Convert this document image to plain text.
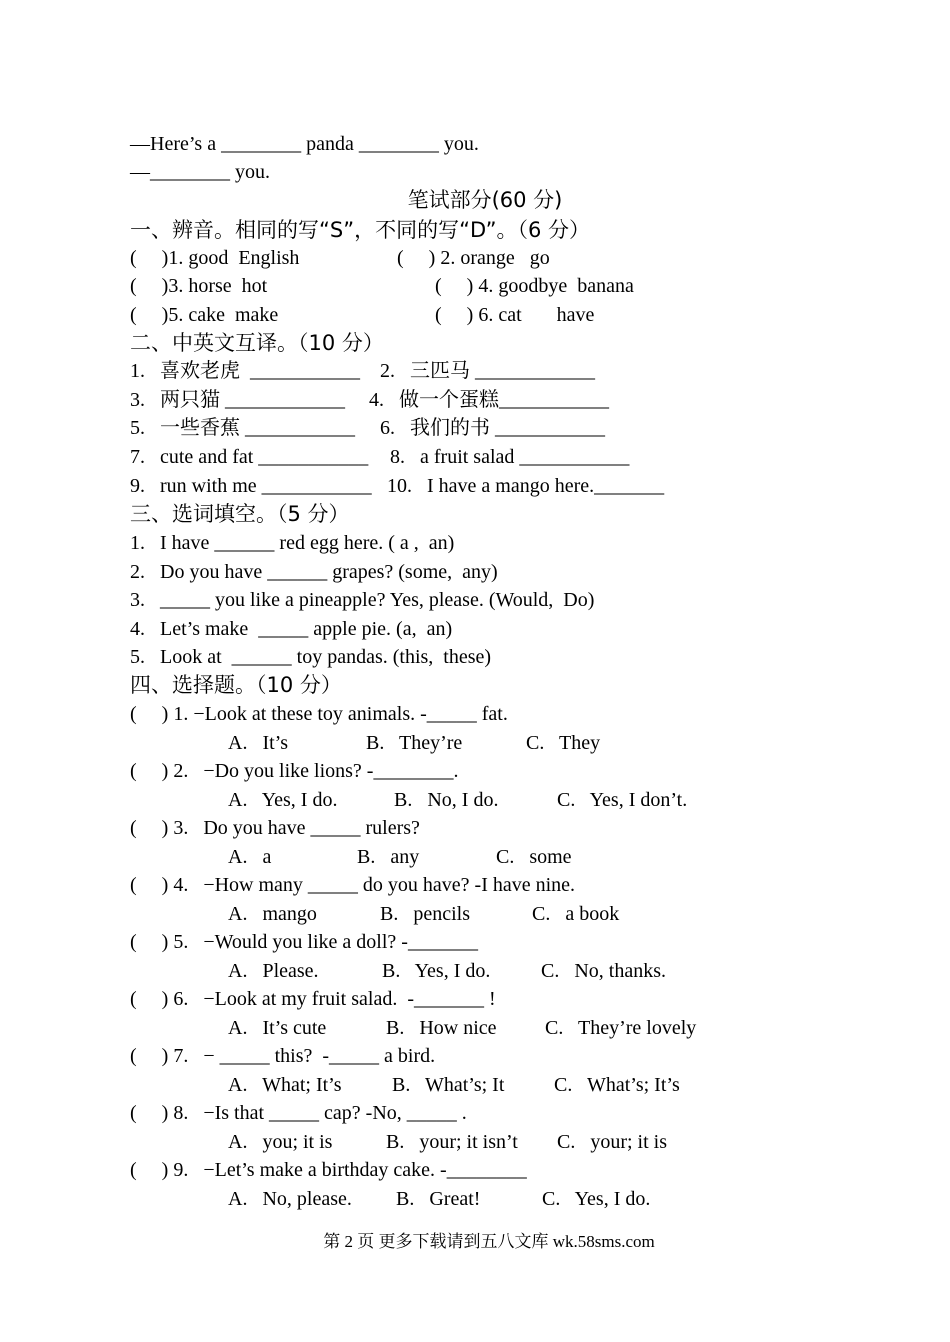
—Here’s a ________ panda ________ you.
—________ you.
笔试部分(60 分)
一、辨音。相同的写“S”，不同的写“D”。（6 分）
(     )1. good  English	(     ) 2. orange   go
(     )3. horse  hot	(     ) 4. goodbye  banana
(     )5. cake  make	(     ) 6. cat       have
二、中英文互译。（10 分）
1.   喜欢老虎  ___________ 2.   三匹马 ____________
3.   两只猫 ____________ 4.   做一个蛋糕___________
5.   一些香蕉 ___________ 6.   我们的书 ___________
7.   cute and fat ___________ 8.   a fruit salad ___________
9.   run with me ___________ 10.   I have a mango here._______
三、选词填空。（5 分）
1.   I have ______ red egg here. ( a ,  an)
2.   Do you have ______ grapes? (some,  any)
3.   _____ you like a pineapple? Yes, please. (Would,  Do)
4.   Let’s make  _____ apple pie. (a,  an)
5.   Look at  ______ toy pandas. (this,  these)
四、选择题。（10 分）
(     ) 1. −Look at these toy animals. -_____ fat.
A.   It’s	B.   They’re	C.   They
(     ) 2.   −Do you like lions? -________.
A.   Yes, I do.	B.   No, I do.	C.   Yes, I don’t.
(     ) 3.   Do you have _____ rulers?
A.   a	B.   any	C.   some
(     ) 4.   −How many _____ do you have? -I have nine.
A.   mango	B.   pencils	C.   a book
(     ) 5.   −Would you like a doll? -_______
A.   Please.	B.   Yes, I do.	C.   No, thanks.
(     ) 6.   −Look at my fruit salad.  -_______ !
A.   It’s cute	B.   How nice C.   They’re lovely
(     ) 7.   − _____ this?  -_____ a bird.
A.   What; It’s	B.   What’s; It C.   What’s; It’s
(     ) 8.   −Is that _____ cap? -No, _____ .
A.   you; it is	B.   your; it isn’t C.   your; it is
(     ) 9.   −Let’s make a birthday cake. -________
A.   No, please. B.   Great!	C.   Yes, I do.
第 2 页 更多下载请到五八文库 wk.58sms.com
